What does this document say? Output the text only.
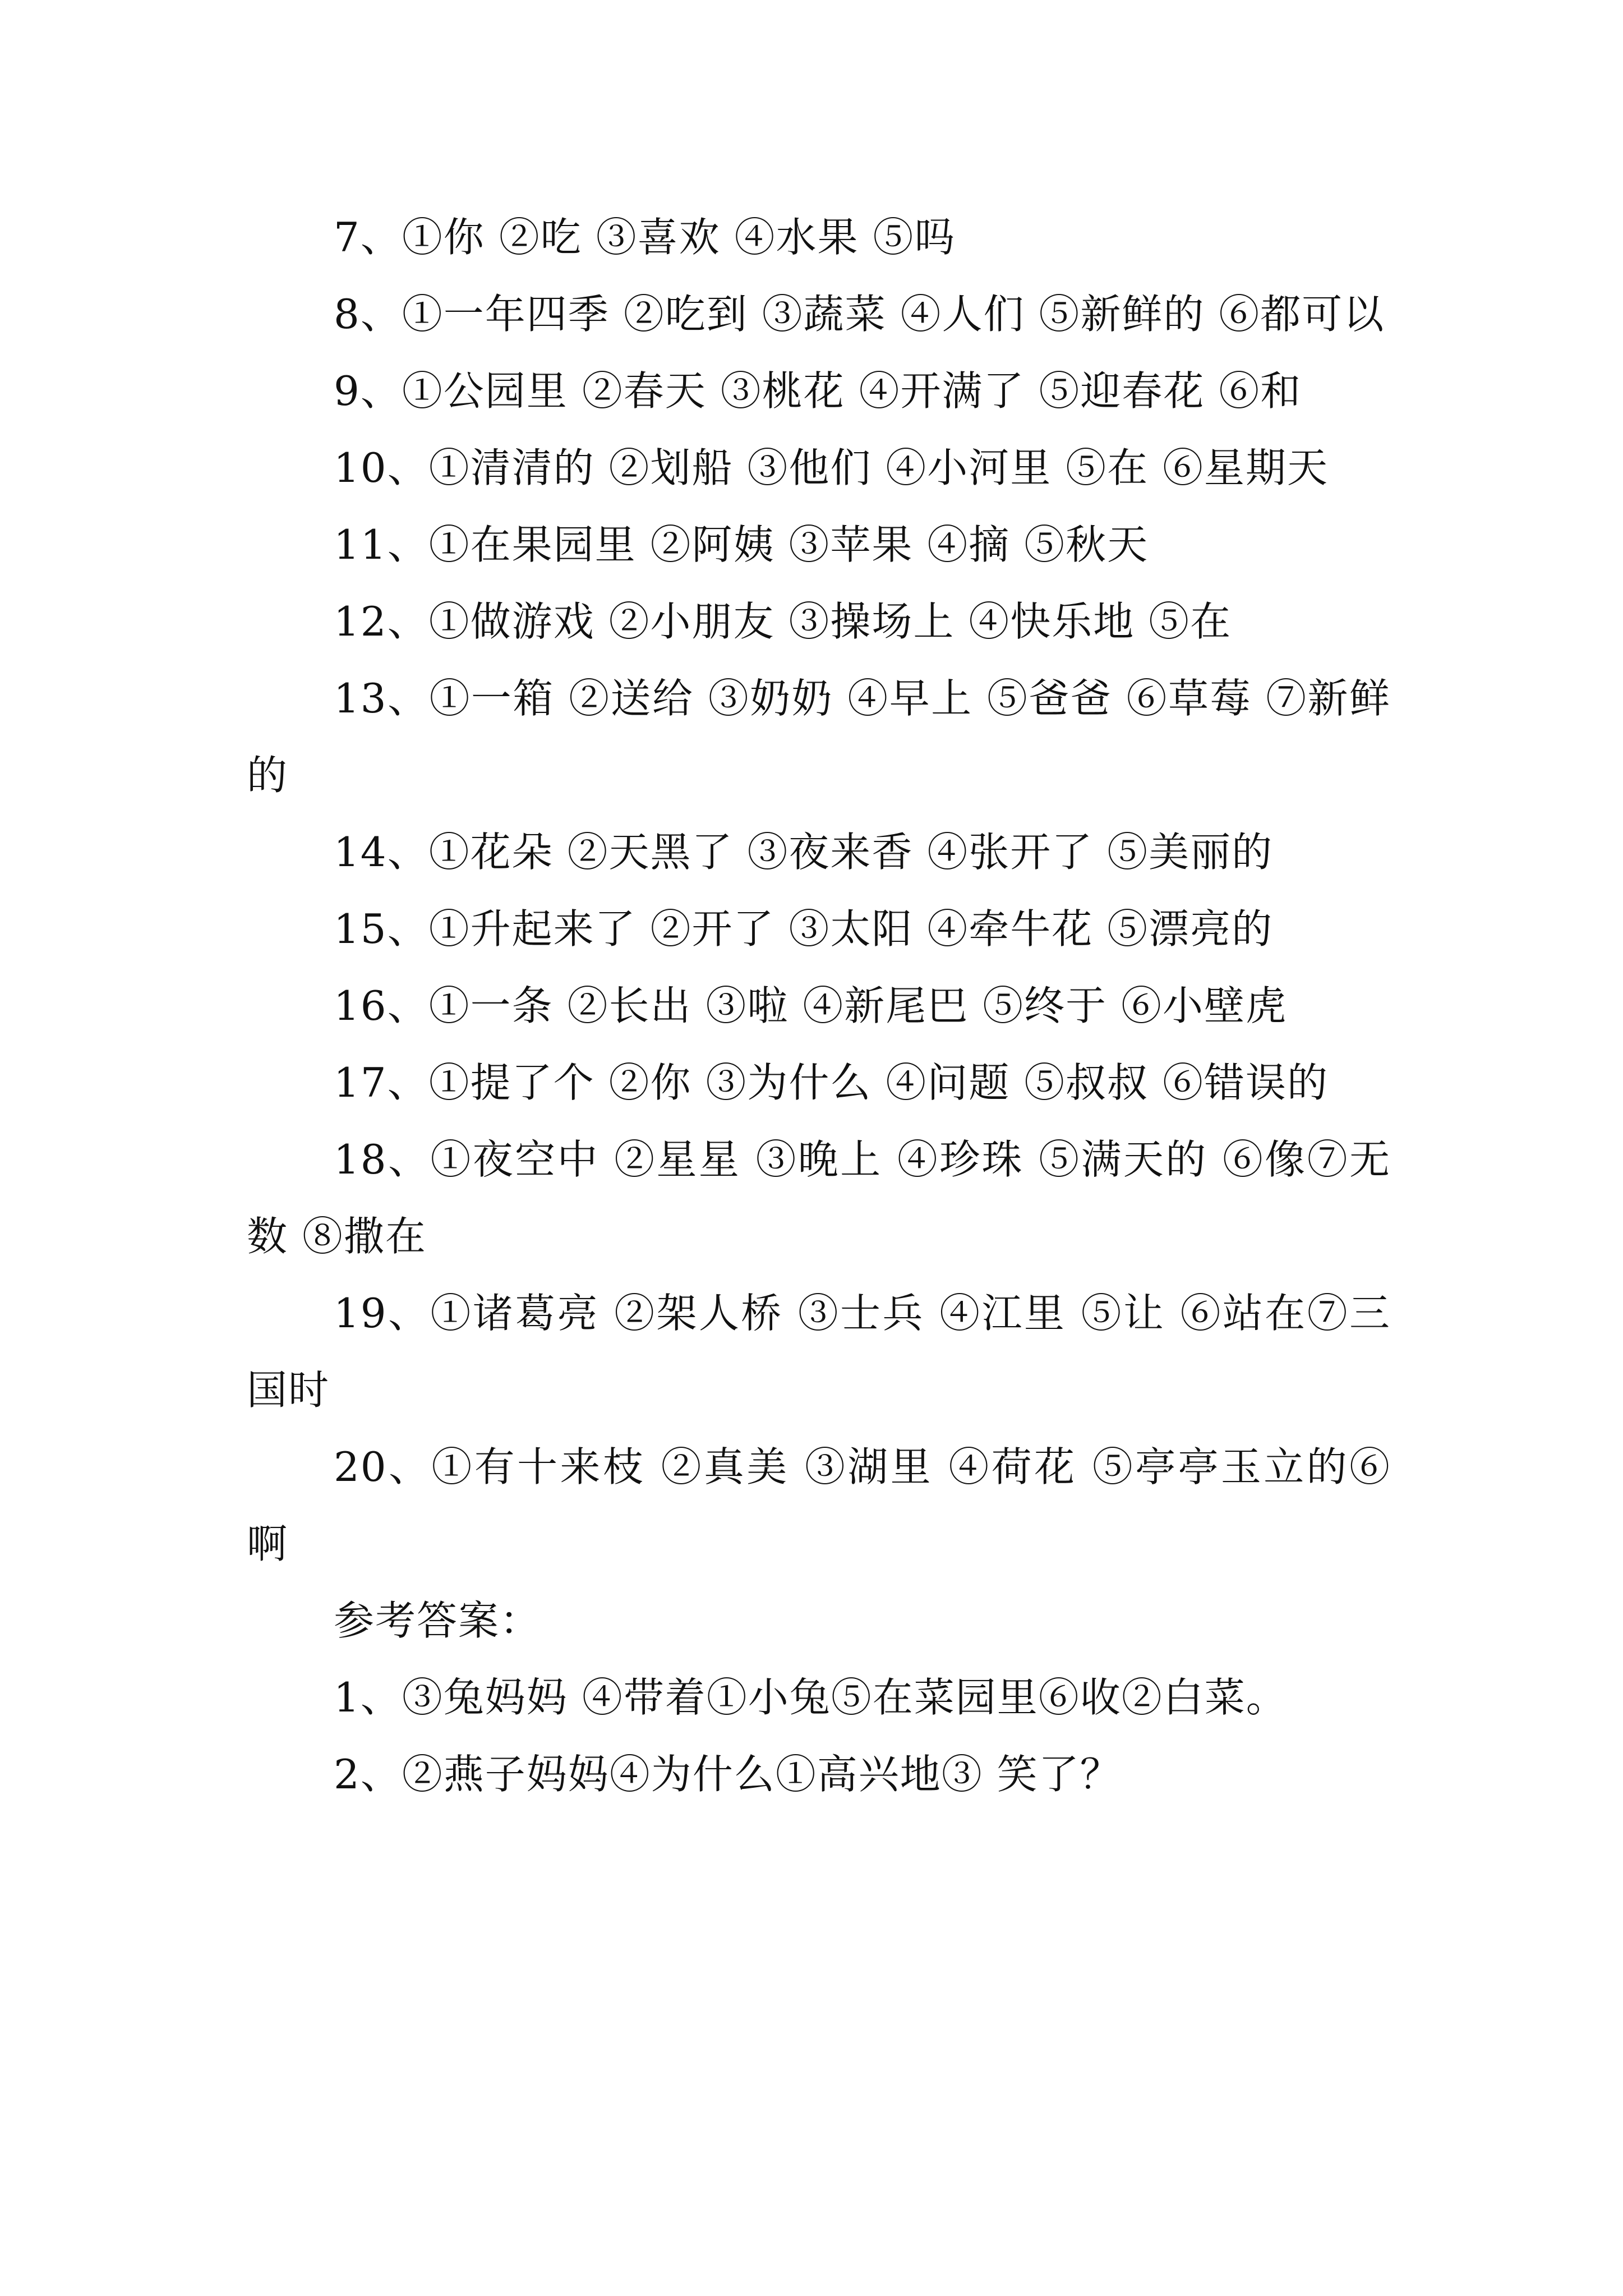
7、①你 ②吃 ③喜欢 ④水果 ⑤吗

8、①一年四季 ②吃到 ③蔬菜 ④人们 ⑤新鲜的 ⑥都可以

9、①公园里 ②春天 ③桃花 ④开满了 ⑤迎春花 ⑥和

10、①清清的 ②划船 ③他们 ④小河里 ⑤在 ⑥星期天

11、①在果园里 ②阿姨 ③苹果 ④摘 ⑤秋天

12、①做游戏 ②小朋友 ③操场上 ④快乐地 ⑤在

13、①一箱 ②送给 ③奶奶 ④早上 ⑤爸爸 ⑥草莓 ⑦新鲜的

14、①花朵 ②天黑了 ③夜来香 ④张开了 ⑤美丽的

15、①升起来了 ②开了 ③太阳 ④牵牛花 ⑤漂亮的

16、①一条 ②长出 ③啦 ④新尾巴 ⑤终于 ⑥小壁虎

17、①提了个 ②你 ③为什么 ④问题 ⑤叔叔 ⑥错误的

18、①夜空中 ②星星 ③晚上 ④珍珠 ⑤满天的 ⑥像⑦无数 ⑧撒在

19、①诸葛亮 ②架人桥 ③士兵 ④江里 ⑤让 ⑥站在⑦三国时

20、①有十来枝 ②真美 ③湖里 ④荷花 ⑤亭亭玉立的⑥啊

参考答案：

1、③兔妈妈 ④带着①小兔⑤在菜园里⑥收②白菜。

2、②燕子妈妈④为什么①高兴地③ 笑了？
